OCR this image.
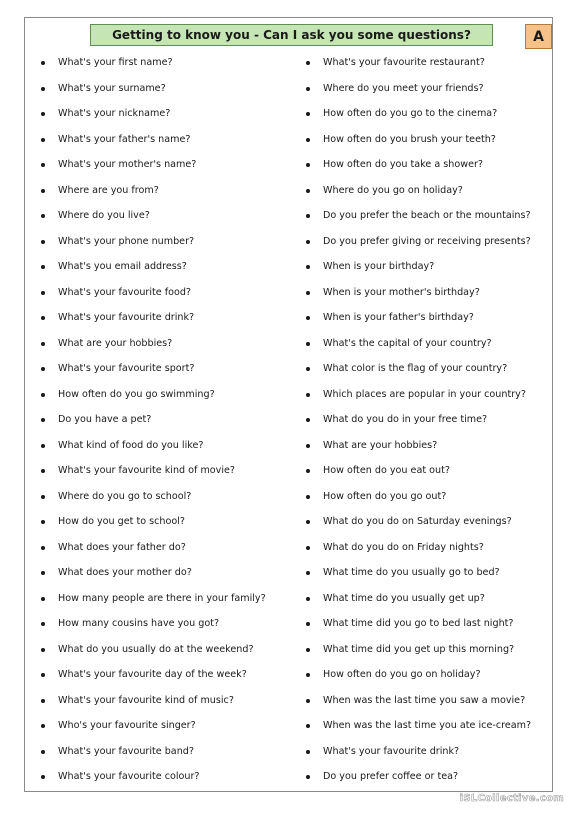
Getting to know you - Can I ask you some questions?	A
What's your first name?
What's your surname?
What's your nickname?
What's your father's name?
What's your mother's name?
Where are you from?
Where do you live?
What's your phone number?
What's you email address?
What's your favourite food?
What's your favourite drink?
What are your hobbies?
What's your favourite sport?
How often do you go swimming?
Do you have a pet?
What kind of food do you like?
What's your favourite kind of movie?
Where do you go to school?
How do you get to school?
What does your father do?
What does your mother do?
How many people are there in your family?
How many cousins have you got?
What do you usually do at the weekend?
What's your favourite day of the week?
What's your favourite kind of music?
Who's your favourite singer?
What's your favourite band?
What's your favourite colour?
What's your favourite restaurant?
Where do you meet your friends?
How often do you go to the cinema?
How often do you brush your teeth?
How often do you take a shower?
Where do you go on holiday?
Do you prefer the beach or the mountains?
Do you prefer giving or receiving presents?
When is your birthday?
When is your mother's birthday?
When is your father's birthday?
What's the capital of your country?
What color is the flag of your country?
Which places are popular in your country?
What do you do in your free time?
What are your hobbies?
How often do you eat out?
How often do you go out?
What do you do on Saturday evenings?
What do you do on Friday nights?
What time do you usually go to bed?
What time do you usually get up?
What time did you go to bed last night?
What time did you get up this morning?
How often do you go on holiday?
When was the last time you saw a movie?
When was the last time you ate ice-cream?
What's your favourite drink?
Do you prefer coffee or tea?
iSLCollective.com
